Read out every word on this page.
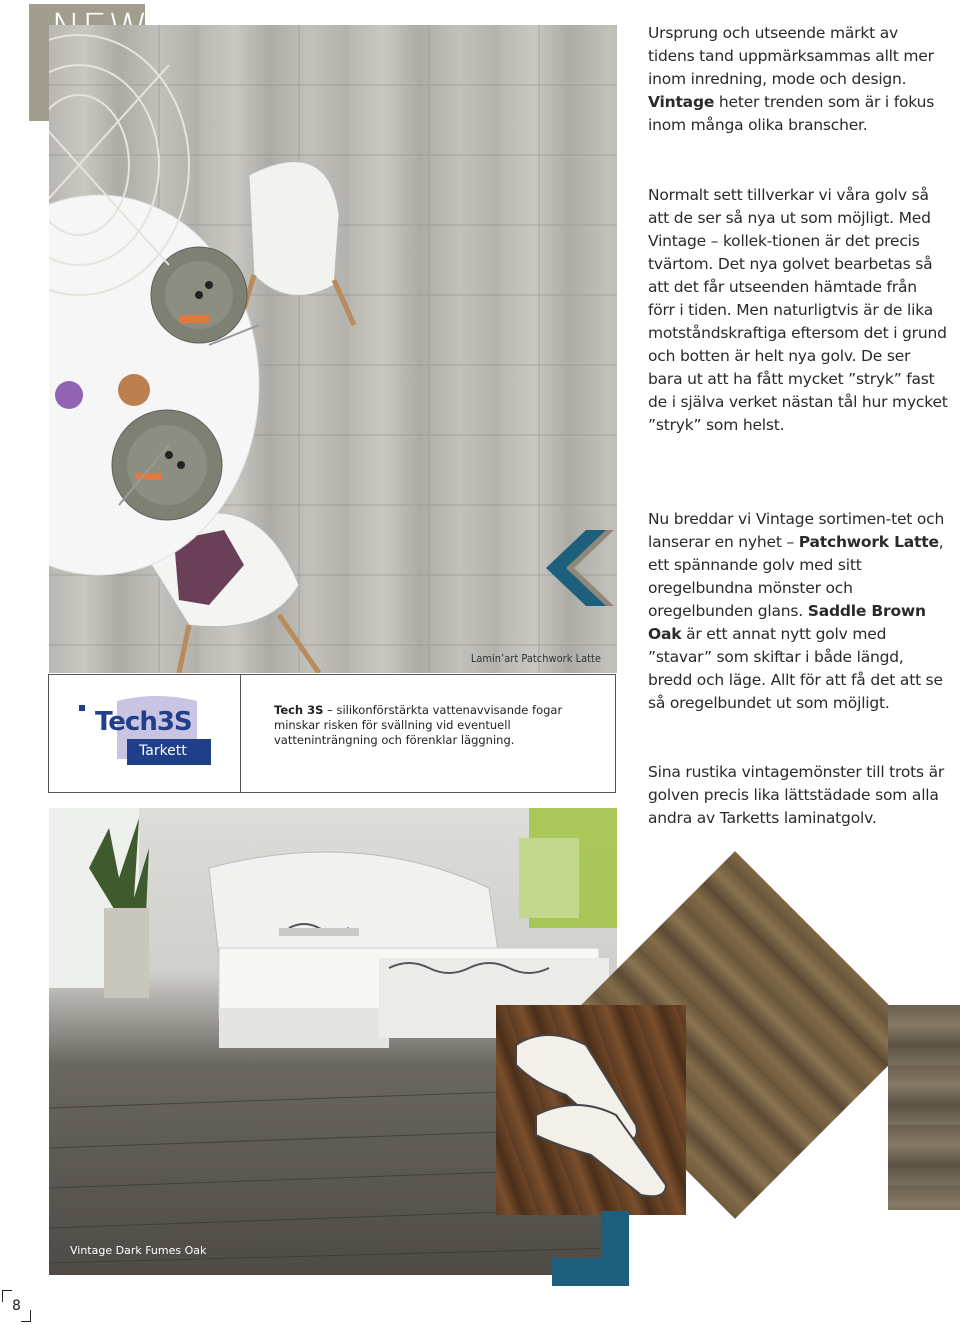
Lamin’art Patchwork Latte
Tech3S
Tarkett
Tech 3S – silikonförstärkta vattenavvisande fogar minskar risken för svällning vid eventuell vatteninträngning och förenklar läggning.

Ursprung och utseende märkt av tidens tand uppmärksammas allt mer inom inredning, mode och design. Vintage heter trenden som är i fokus inom många olika branscher.

Normalt sett tillverkar vi våra golv så att de ser så nya ut som möjligt. Med Vintage – kollek-tionen är det precis tvärtom. Det nya golvet bearbetas så att det får utseenden hämtade från förr i tiden. Men naturligtvis är de lika motståndskraftiga eftersom det i grund och botten är helt nya golv. De ser bara ut att ha fått mycket ”stryk” fast de i själva verket nästan tål hur mycket ”stryk” som helst.

Nu breddar vi Vintage sortimen-tet och lanserar en nyhet – Patchwork Latte, ett spännande golv med sitt oregelbundna mönster och oregelbunden glans. Saddle Brown Oak är ett annat nytt golv med ”stavar” som skiftar i både längd, bredd och läge. Allt för att få det att se så oregelbundet ut som möjligt.

Sina rustika vintagemönster till trots är golven precis lika lättstädade som alla andra av Tarketts laminatgolv.

Vintage Dark Fumes Oak
8
